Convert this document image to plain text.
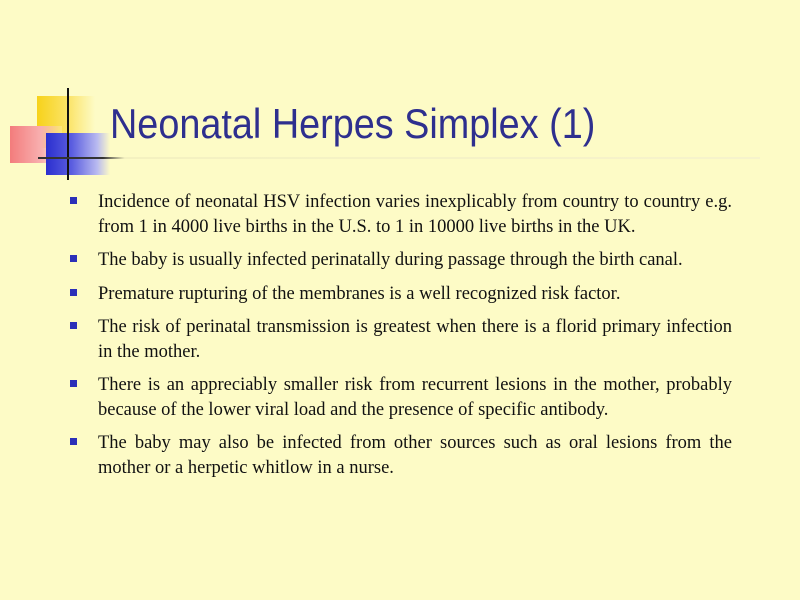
Neonatal Herpes Simplex (1)
Incidence of neonatal HSV infection varies inexplicably from country to country e.g. from 1 in 4000 live births in the U.S. to 1 in 10000 live births in the UK.
The baby is usually infected perinatally during passage through the birth canal.
Premature rupturing of the membranes is a well recognized risk factor.
The risk of perinatal transmission is greatest when there is a florid primary infection in the mother.
There is an appreciably smaller risk from recurrent lesions in the mother, probably because of the lower viral load and the presence of specific antibody.
The baby may also be infected from other sources such as oral lesions from the mother or a herpetic whitlow in a nurse.
